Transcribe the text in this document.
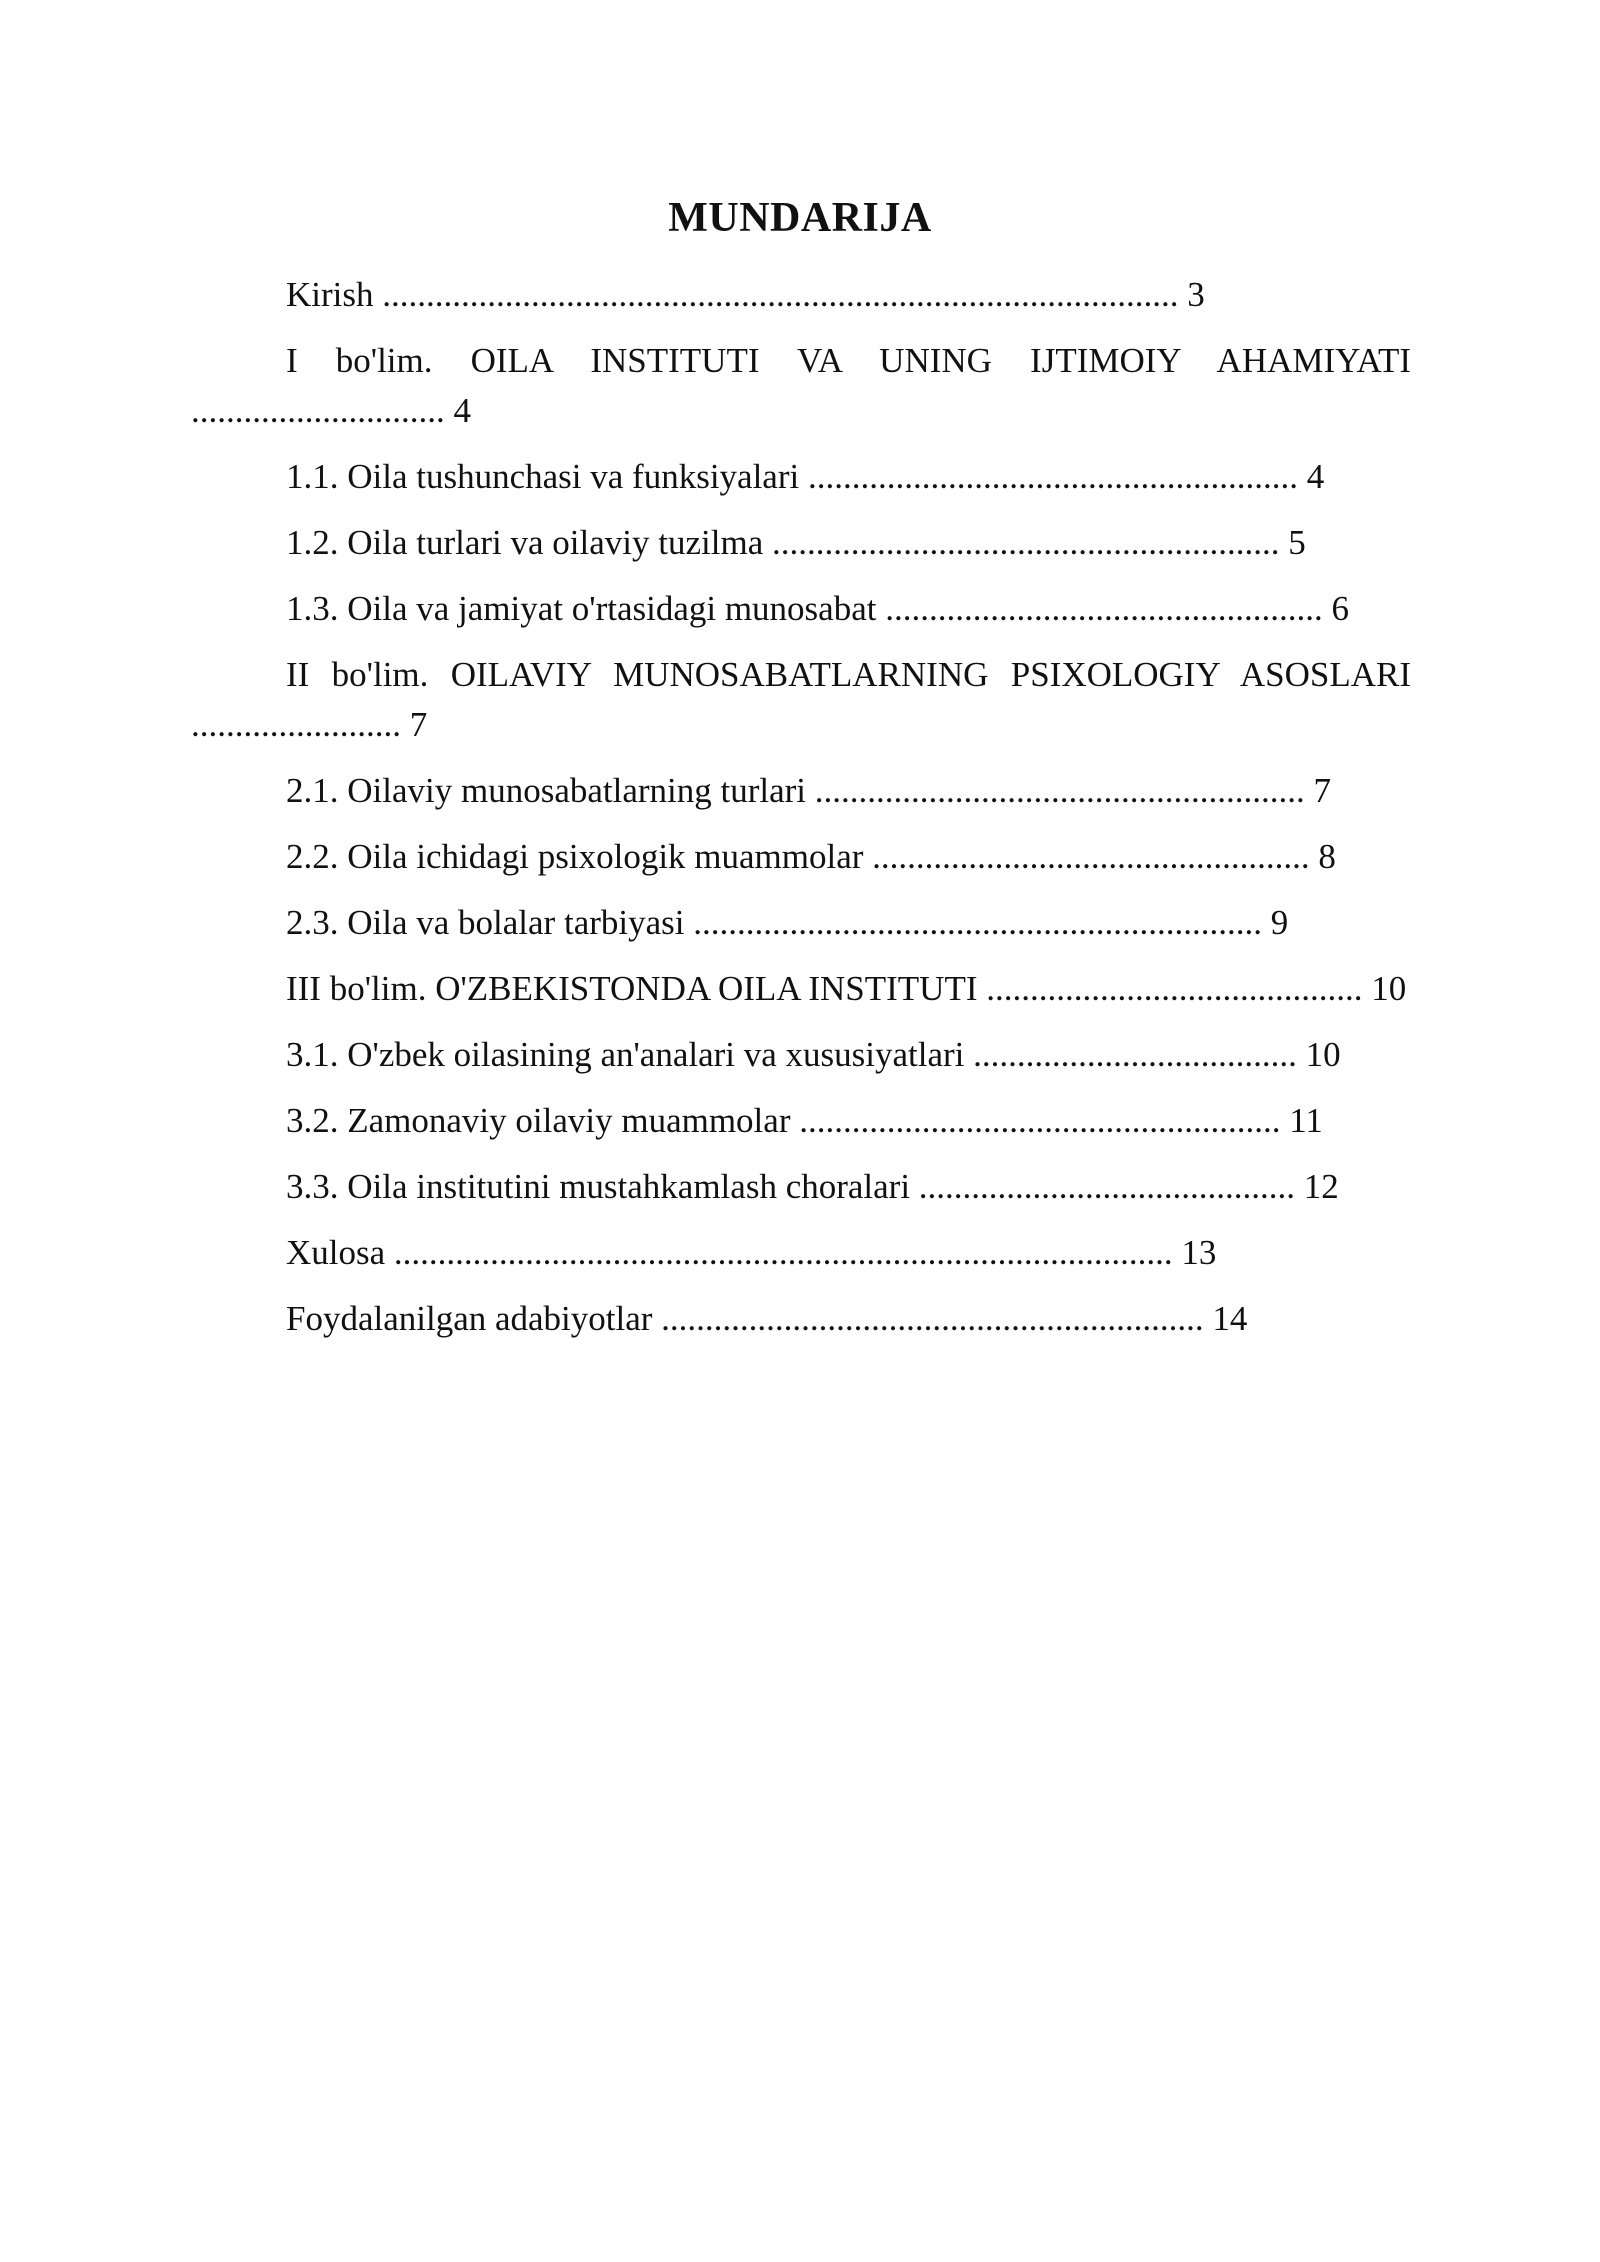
MUNDARIJA

Kirish ........................................................................................... 3

I bo'lim. OILA INSTITUTI VA UNING IJTIMOIY AHAMIYATI ............................. 4

1.1. Oila tushunchasi va funksiyalari ........................................................ 4

1.2. Oila turlari va oilaviy tuzilma .......................................................... 5

1.3. Oila va jamiyat o'rtasidagi munosabat .................................................. 6

II bo'lim. OILAVIY MUNOSABATLARNING PSIXOLOGIY ASOSLARI ........................ 7

2.1. Oilaviy munosabatlarning turlari ........................................................ 7

2.2. Oila ichidagi psixologik muammolar .................................................. 8

2.3. Oila va bolalar tarbiyasi ................................................................. 9

III bo'lim. O'ZBEKISTONDA OILA INSTITUTI ........................................... 10

3.1. O'zbek oilasining an'analari va xususiyatlari ..................................... 10

3.2. Zamonaviy oilaviy muammolar ....................................................... 11

3.3. Oila institutini mustahkamlash choralari ........................................... 12

Xulosa ......................................................................................... 13

Foydalanilgan adabiyotlar .............................................................. 14
